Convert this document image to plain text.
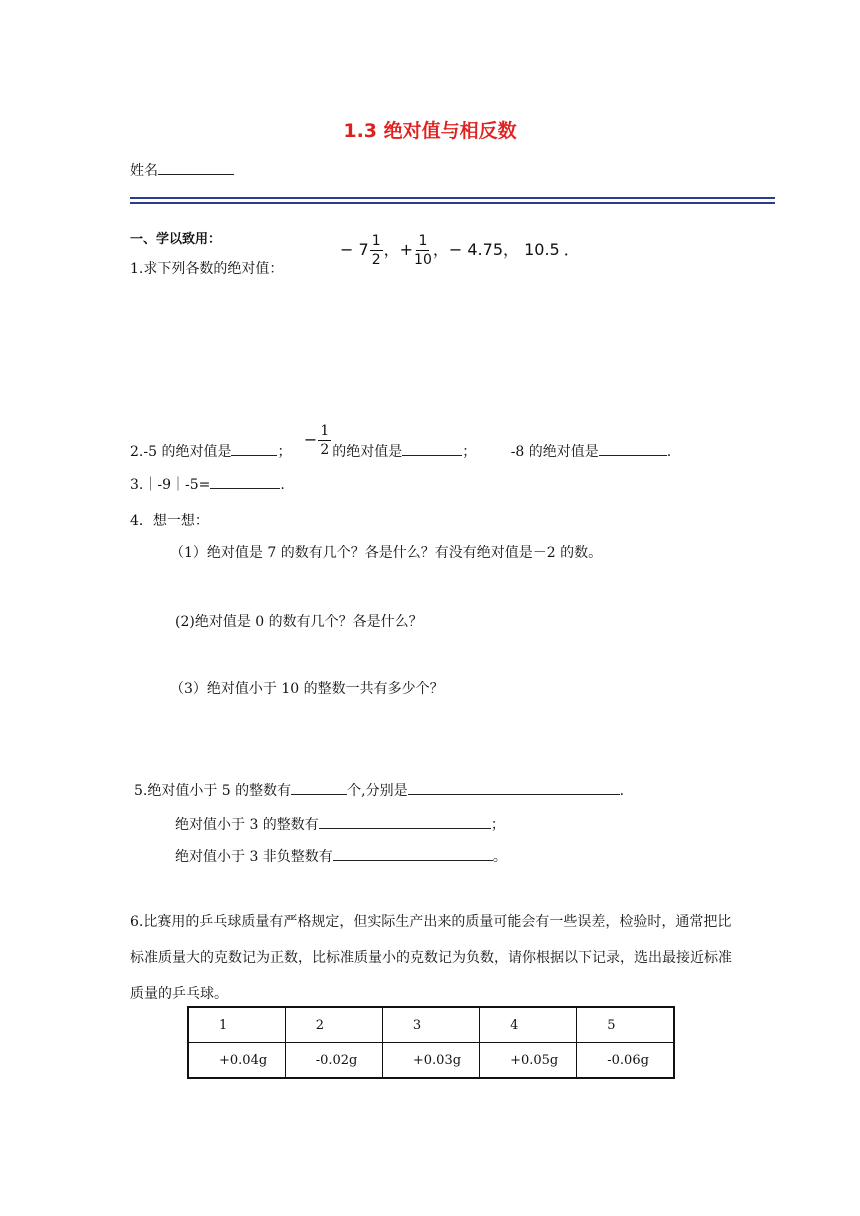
1.3 绝对值与相反数
姓名
一、学以致用：
1.求下列各数的绝对值：
− $7 \frac{1}{2}$ ，+ $\frac{1}{10}$ ，− 4.75， 10.5 ．
2.-5 的绝对值是	； − $\frac{1}{2}$ 的绝对值是	； -8 的绝对值是	.
3.｜-9｜-5=	.
4．想一想：
（1）绝对值是 7 的数有几个？各是什么？有没有绝对值是－2 的数。
(2)绝对值是 0 的数有几个？各是什么？
（3）绝对值小于 10 的整数一共有多少个？
5.绝对值小于 5 的整数有	个,分别是	.
绝对值小于 3 的整数有	；
绝对值小于 3 非负整数有	。
6.比赛用的乒乓球质量有严格规定，但实际生产出来的质量可能会有一些误差，检验时，通常把比标准质量大的克数记为正数，比标准质量小的克数记为负数，请你根据以下记录，选出最接近标准质量的乒乓球。
1	2	3	4	5
+0.04g	-0.02g	+0.03g	+0.05g	-0.06g
